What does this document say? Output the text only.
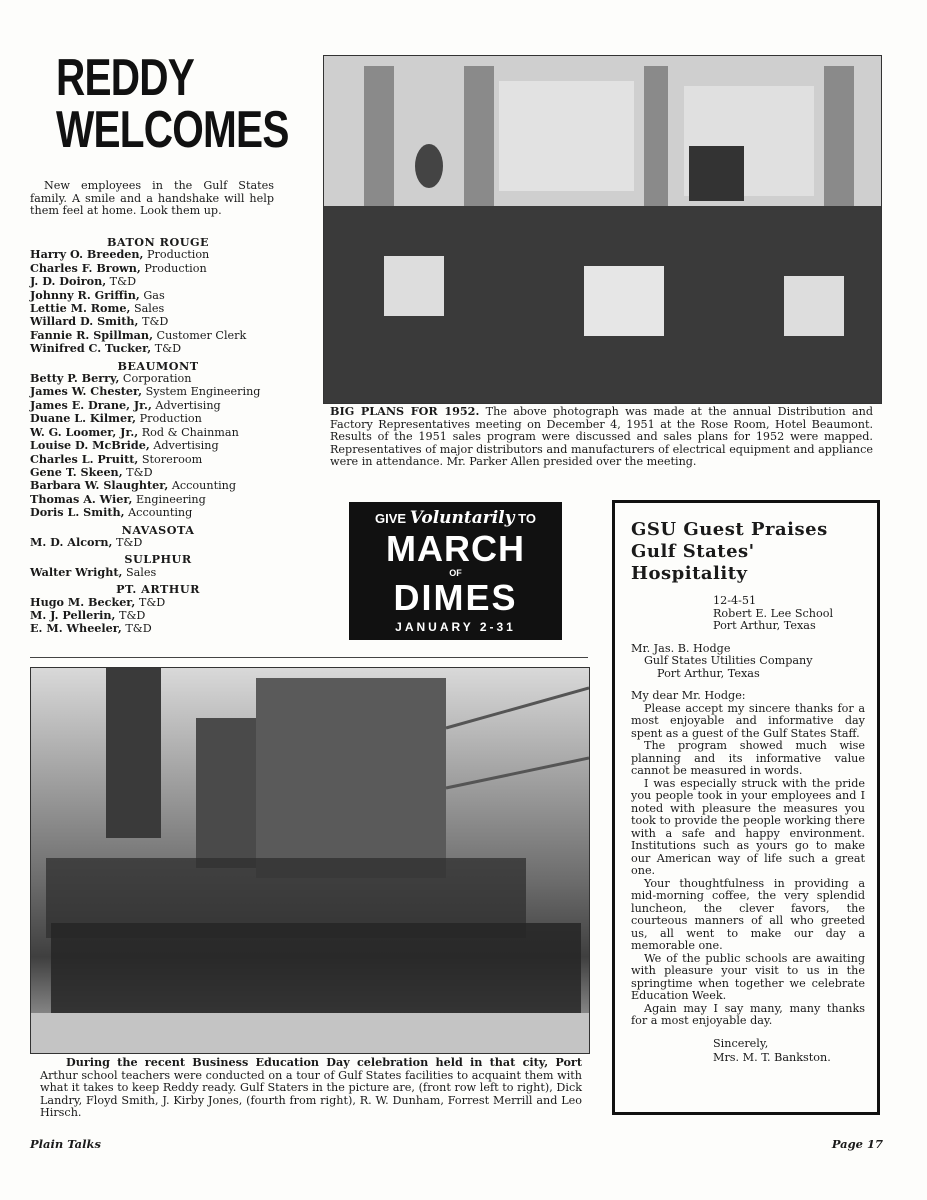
REDDY
WELCOMES
New employees in the Gulf States family. A smile and a handshake will help them feel at home. Look them up.
BATON ROUGE
Harry O. Breeden, Production
Charles F. Brown, Production
J. D. Doiron, T&D
Johnny R. Griffin, Gas
Lettie M. Rome, Sales
Willard D. Smith, T&D
Fannie R. Spillman, Customer Clerk
Winifred C. Tucker, T&D
BEAUMONT
Betty P. Berry, Corporation
James W. Chester, System Engineering
James E. Drane, Jr., Advertising
Duane L. Kilmer, Production
W. G. Loomer, Jr., Rod & Chainman
Louise D. McBride, Advertising
Charles L. Pruitt, Storeroom
Gene T. Skeen, T&D
Barbara W. Slaughter, Accounting
Thomas A. Wier, Engineering
Doris L. Smith, Accounting
NAVASOTA
M. D. Alcorn, T&D
SULPHUR
Walter Wright, Sales
PT. ARTHUR
Hugo M. Becker, T&D
M. J. Pellerin, T&D
E. M. Wheeler, T&D
BIG PLANS FOR 1952. The above photograph was made at the annual Distribution and Factory Representatives meeting on December 4, 1951 at the Rose Room, Hotel Beaumont. Results of the 1951 sales program were discussed and sales plans for 1952 were mapped. Representatives of major distributors and manufacturers of electrical equipment and appliance were in attendance. Mr. Parker Allen presided over the meeting.
GIVE Voluntarily TO
MARCH
OF
DIMES
JANUARY 2-31
GSU Guest Praises
Gulf States'
Hospitality
12-4-51
Robert E. Lee School
Port Arthur, Texas
Mr. Jas. B. Hodge
Gulf States Utilities Company
Port Arthur, Texas
My dear Mr. Hodge:
Please accept my sincere thanks for a most enjoyable and informative day spent as a guest of the Gulf States Staff.
The program showed much wise planning and its informative value cannot be measured in words.
I was especially struck with the pride you people took in your employees and I noted with pleasure the measures you took to provide the people working there with a safe and happy environment. Institutions such as yours go to make our American way of life such a great one.
Your thoughtfulness in providing a mid-morning coffee, the very splendid luncheon, the clever favors, the courteous manners of all who greeted us, all went to make our day a memorable one.
We of the public schools are awaiting with pleasure your visit to us in the springtime when together we celebrate Education Week.
Again may I say many, many thanks for a most enjoyable day.
Sincerely,
Mrs. M. T. Bankston.
During the recent Business Education Day celebration held in that city, Port Arthur school teachers were conducted on a tour of Gulf States facilities to acquaint them with what it takes to keep Reddy ready. Gulf Staters in the picture are, (front row left to right), Dick Landry, Floyd Smith, J. Kirby Jones, (fourth from right), R. W. Dunham, Forrest Merrill and Leo Hirsch.
Plain Talks	Page 17
